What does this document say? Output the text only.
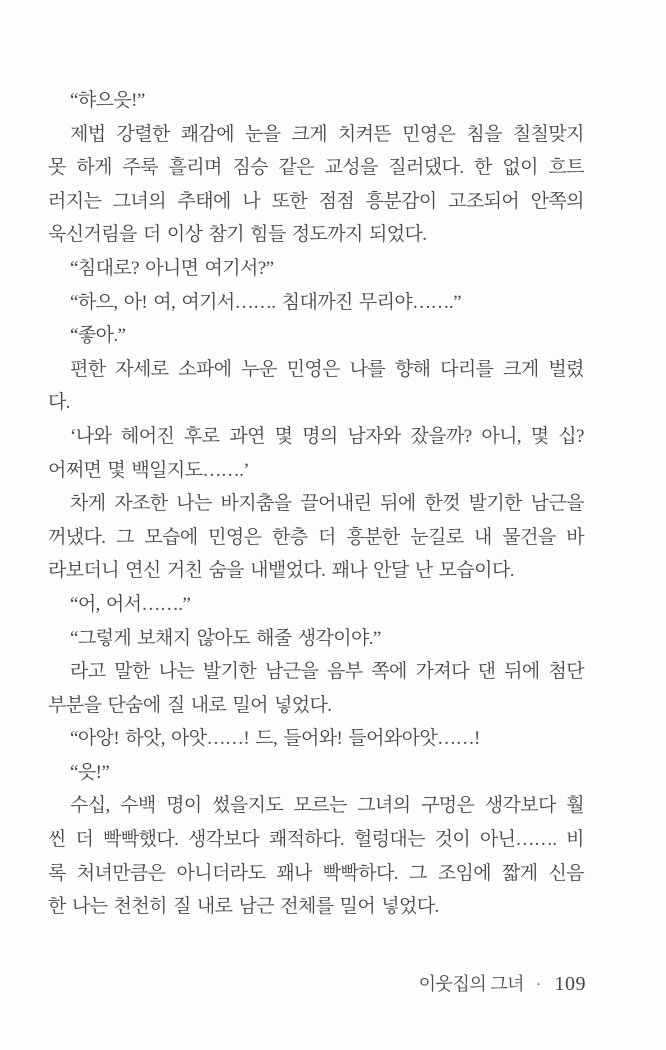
“햐으읏!”
제법 강렬한 쾌감에 눈을 크게 치켜뜬 민영은 침을 칠칠맞지
못 하게 주룩 흘리며 짐승 같은 교성을 질러댔다. 한 없이 흐트
러지는 그녀의 추태에 나 또한 점점 흥분감이 고조되어 안쪽의
욱신거림을 더 이상 참기 힘들 정도까지 되었다.
“침대로? 아니면 여기서?”
“하으, 아! 여, 여기서……. 침대까진 무리야…….”
“좋아.”
편한 자세로 소파에 누운 민영은 나를 향해 다리를 크게 벌렸
다.
‘나와 헤어진 후로 과연 몇 명의 남자와 잤을까? 아니, 몇 십?
어쩌면 몇 백일지도…….’
차게 자조한 나는 바지춤을 끌어내린 뒤에 한껏 발기한 남근을
꺼냈다. 그 모습에 민영은 한층 더 흥분한 눈길로 내 물건을 바
라보더니 연신 거친 숨을 내뱉었다. 꽤나 안달 난 모습이다.
“어, 어서…….”
“그렇게 보채지 않아도 해줄 생각이야.”
라고 말한 나는 발기한 남근을 음부 쪽에 가져다 댄 뒤에 첨단
부분을 단숨에 질 내로 밀어 넣었다.
“아앙! 하앗, 아앗……! 드, 들어와! 들어와아앗……!
“읏!”
수십, 수백 명이 썼을지도 모르는 그녀의 구멍은 생각보다 훨
씬 더 빡빡했다. 생각보다 쾌적하다. 헐렁대는 것이 아닌……. 비
록 처녀만큼은 아니더라도 꽤나 빡빡하다. 그 조임에 짧게 신음
한 나는 천천히 질 내로 남근 전체를 밀어 넣었다.
이웃집의 그녀 · 109
